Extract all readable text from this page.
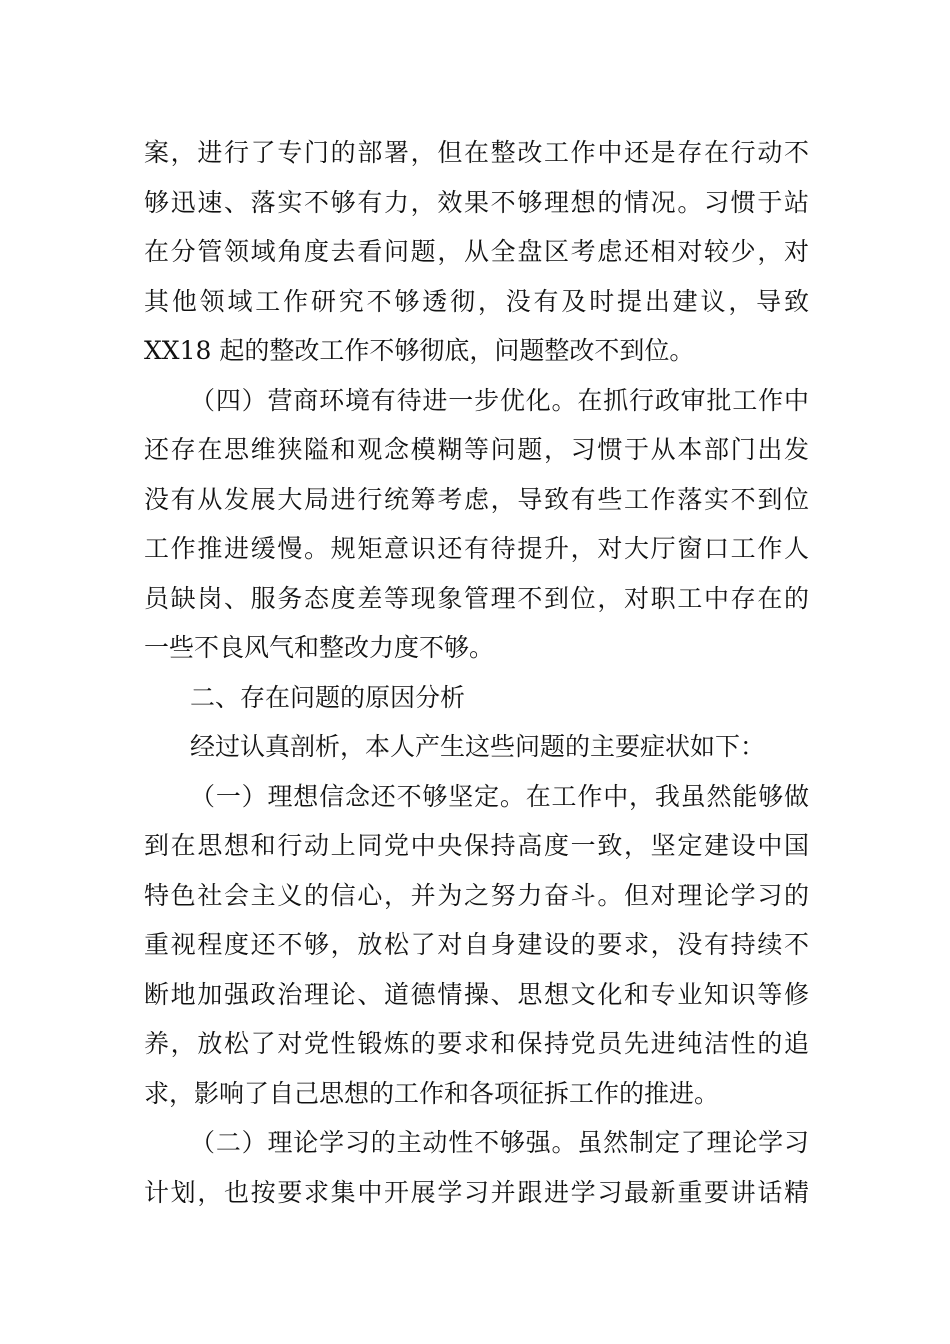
案，进行了专门的部署，但在整改工作中还是存在行动不
够迅速、落实不够有力，效果不够理想的情况。习惯于站
在分管领域角度去看问题，从全盘区考虑还相对较少，对
其他领域工作研究不够透彻，没有及时提出建议，导致
XX18 起的整改工作不够彻底，问题整改不到位。
（四）营商环境有待进一步优化。在抓行政审批工作中
还存在思维狭隘和观念模糊等问题，习惯于从本部门出发
没有从发展大局进行统筹考虑，导致有些工作落实不到位
工作推进缓慢。规矩意识还有待提升，对大厅窗口工作人
员缺岗、服务态度差等现象管理不到位，对职工中存在的
一些不良风气和整改力度不够。
二、存在问题的原因分析
经过认真剖析，本人产生这些问题的主要症状如下：
（一）理想信念还不够坚定。在工作中，我虽然能够做
到在思想和行动上同党中央保持高度一致，坚定建设中国
特色社会主义的信心，并为之努力奋斗。但对理论学习的
重视程度还不够，放松了对自身建设的要求，没有持续不
断地加强政治理论、道德情操、思想文化和专业知识等修
养，放松了对党性锻炼的要求和保持党员先进纯洁性的追
求，影响了自己思想的工作和各项征拆工作的推进。
（二）理论学习的主动性不够强。虽然制定了理论学习
计划，也按要求集中开展学习并跟进学习最新重要讲话精
